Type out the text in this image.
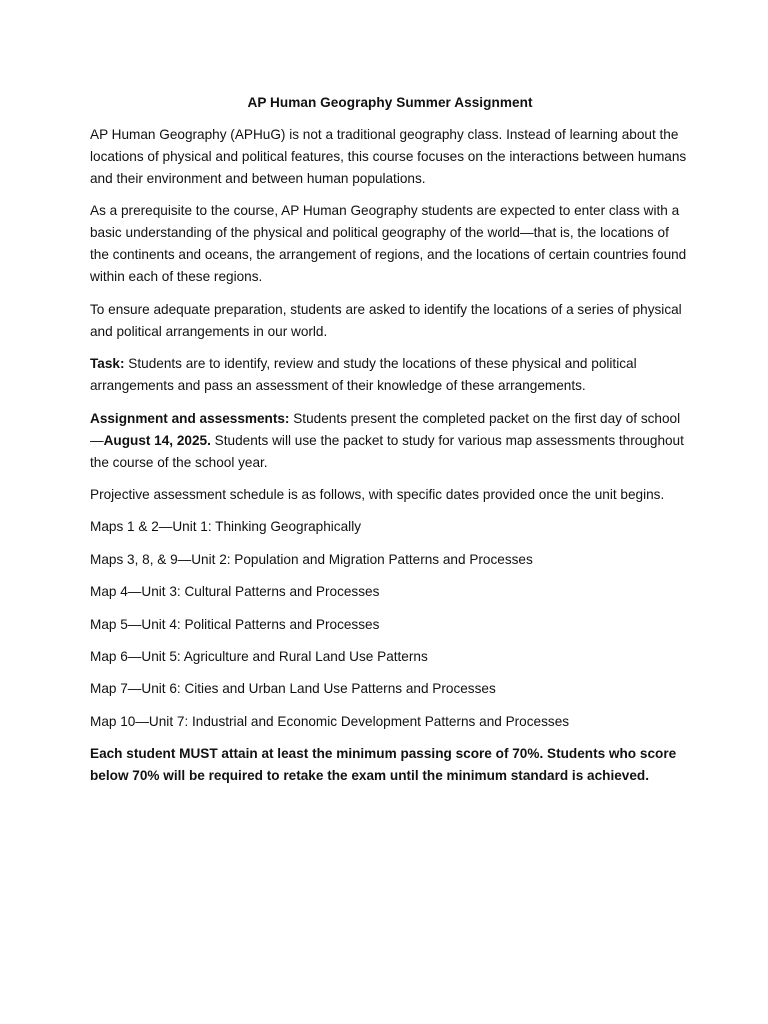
AP Human Geography Summer Assignment

AP Human Geography (APHuG) is not a traditional geography class. Instead of learning about the locations of physical and political features, this course focuses on the interactions between humans and their environment and between human populations.

As a prerequisite to the course, AP Human Geography students are expected to enter class with a basic understanding of the physical and political geography of the world—that is, the locations of the continents and oceans, the arrangement of regions, and the locations of certain countries found within each of these regions.

To ensure adequate preparation, students are asked to identify the locations of a series of physical and political arrangements in our world.

Task: Students are to identify, review and study the locations of these physical and political arrangements and pass an assessment of their knowledge of these arrangements.

Assignment and assessments: Students present the completed packet on the first day of school—August 14, 2025. Students will use the packet to study for various map assessments throughout the course of the school year.

Projective assessment schedule is as follows, with specific dates provided once the unit begins.

Maps 1 & 2—Unit 1: Thinking Geographically

Maps 3, 8, & 9—Unit 2: Population and Migration Patterns and Processes

Map 4—Unit 3: Cultural Patterns and Processes

Map 5—Unit 4: Political Patterns and Processes

Map 6—Unit 5: Agriculture and Rural Land Use Patterns

Map 7—Unit 6: Cities and Urban Land Use Patterns and Processes

Map 10—Unit 7: Industrial and Economic Development Patterns and Processes

Each student MUST attain at least the minimum passing score of 70%. Students who score below 70% will be required to retake the exam until the minimum standard is achieved.
